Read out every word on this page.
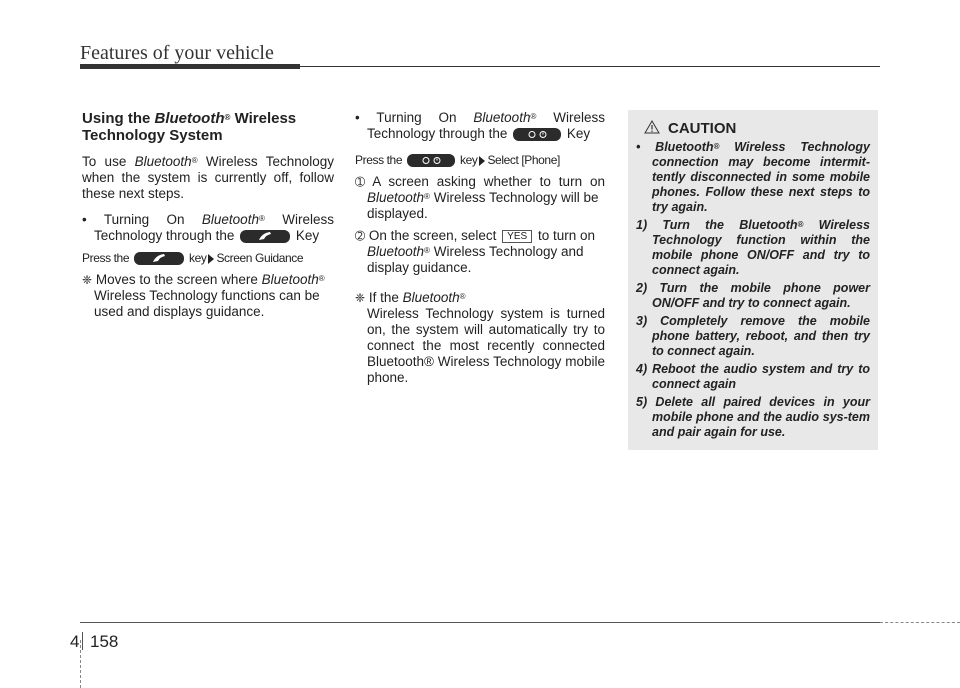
Features of your vehicle
Using the Bluetooth® Wireless Technology System

To use Bluetooth® Wireless Technology when the system is currently off, follow these next steps.

• Turning On Bluetooth® Wireless

Technology through the	Key

Press the	key Screen Guidance

❈ Moves to the screen where Bluetooth®

Wireless Technology functions can be used and displays guidance.

• Turning On Bluetooth® Wireless

Technology through the	Key

Press the	key Select [Phone]

➀ A screen asking whether to turn on

Bluetooth® Wireless Technology will be displayed.

➁ On the screen, select YES to turn on

Bluetooth® Wireless Technology and display guidance.

❈ If the Bluetooth®

Wireless Technology system is turned on, the system will automatically try to connect the most recently connected Bluetooth® Wireless Technology mobile phone.

CAUTION
• Bluetooth® Wireless Technology connection may become intermit-tently disconnected in some mobile phones. Follow these next steps to try again.
1) Turn the Bluetooth® Wireless Technology function within the mobile phone ON/OFF and try to connect again.
2) Turn the mobile phone power ON/OFF and try to connect again.
3) Completely remove the mobile phone battery, reboot, and then try to connect again.
4) Reboot the audio system and try to connect again
5) Delete all paired devices in your mobile phone and the audio sys-tem and pair again for use.
4 158
